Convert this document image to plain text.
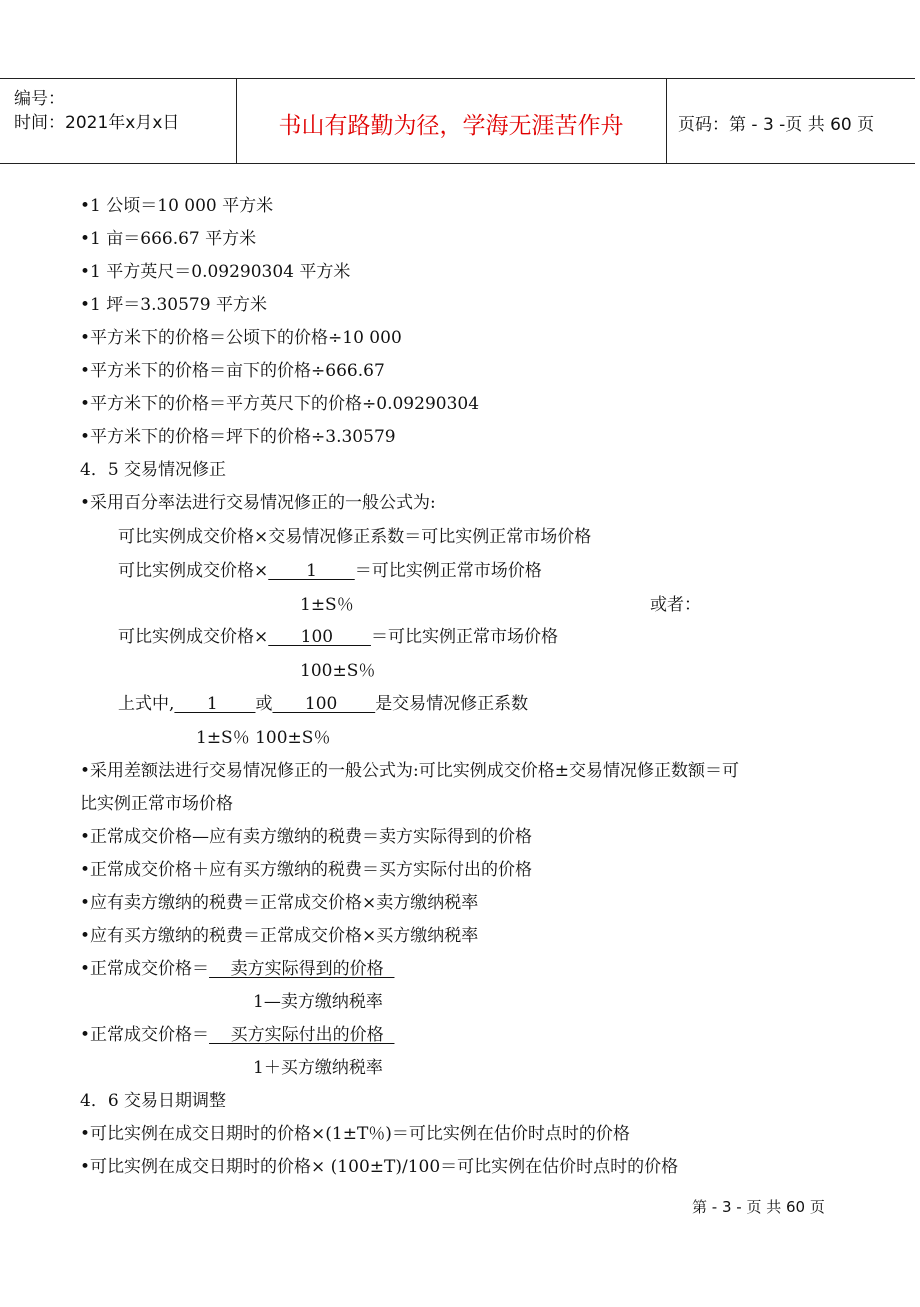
编号：
时间：2021年x月x日	书山有路勤为径，学海无涯苦作舟	页码：第 - 3 -页 共 60 页
•1 公顷＝10 000 平方米
•1 亩＝666.67 平方米
•1 平方英尺＝0.09290304 平方米
•1 坪＝3.30579 平方米
•平方米下的价格＝公顷下的价格÷10 000
•平方米下的价格＝亩下的价格÷666.67
•平方米下的价格＝平方英尺下的价格÷0.09290304
•平方米下的价格＝坪下的价格÷3.30579
4．5 交易情况修正
•采用百分率法进行交易情况修正的一般公式为:
可比实例成交价格×交易情况修正系数＝可比实例正常市场价格
可比实例成交价格×       1       ＝可比实例正常市场价格
1±S％	或者：
可比实例成交价格×      100       ＝可比实例正常市场价格
100±S％
上式中,      1       或      100       是交易情况修正系数
1±S％ 100±S％
•采用差额法进行交易情况修正的一般公式为:可比实例成交价格±交易情况修正数额＝可
比实例正常市场价格
•正常成交价格—应有卖方缴纳的税费＝卖方实际得到的价格
•正常成交价格＋应有买方缴纳的税费＝买方实际付出的价格
•应有卖方缴纳的税费＝正常成交价格×卖方缴纳税率
•应有买方缴纳的税费＝正常成交价格×买方缴纳税率
•正常成交价格＝    卖方实际得到的价格
1—卖方缴纳税率
•正常成交价格＝    买方实际付出的价格
1＋买方缴纳税率
4．6 交易日期调整
•可比实例在成交日期时的价格×(1±T％)＝可比实例在估价时点时的价格
•可比实例在成交日期时的价格× (100±T)/100＝可比实例在估价时点时的价格
第 - 3 - 页 共 60 页
